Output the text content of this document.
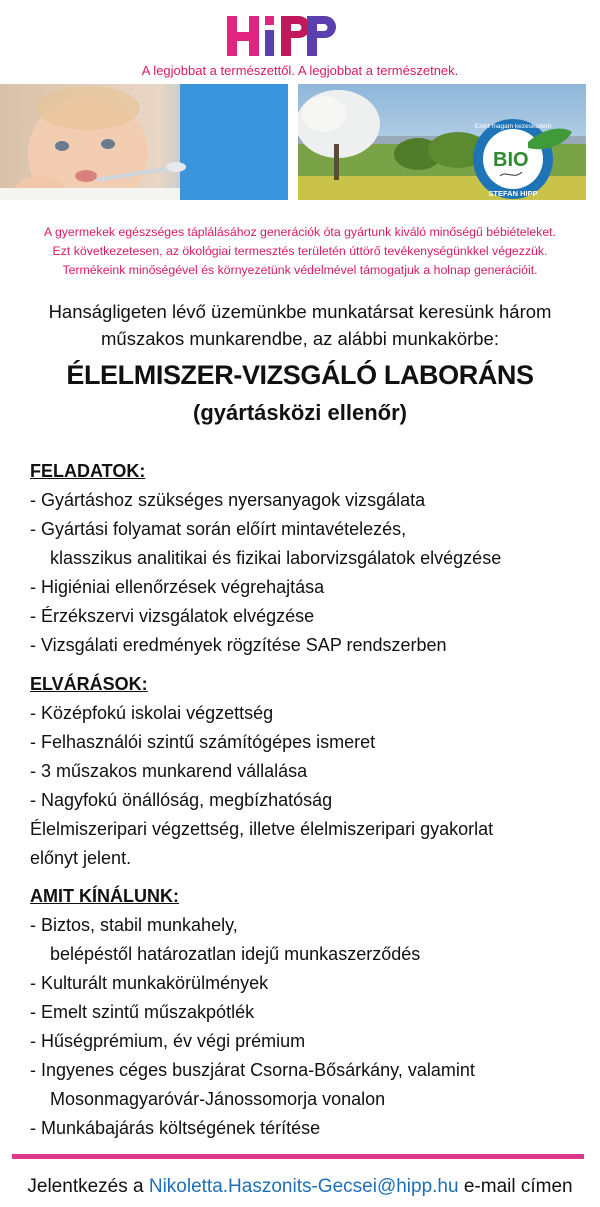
A legjobbat a természettől. A legjobbat a természetnek.
BIO
Ezért magam kezeskedem
STEFAN HIPP
A gyermekek egészséges táplálásához generációk óta gyártunk kiváló minőségű bébiételeket.
Ezt következetesen, az ökológiai termesztés területén úttörő tevékenységünkkel végezzük.
Termékeink minőségével és környezetünk védelmével támogatjuk a holnap generációit.
Hanságligeten lévő üzemünkbe munkatársat keresünk három
műszakos munkarendbe, az alábbi munkakörbe:
ÉLELMISZER-VIZSGÁLÓ LABORÁNS
(gyártásközi ellenőr)
FELADATOK:
- Gyártáshoz szükséges nyersanyagok vizsgálata
- Gyártási folyamat során előírt mintavételezés,
klasszikus analitikai és fizikai laborvizsgálatok elvégzése
- Higiéniai ellenőrzések végrehajtása
- Érzékszervi vizsgálatok elvégzése
- Vizsgálati eredmények rögzítése SAP rendszerben
ELVÁRÁSOK:
- Középfokú iskolai végzettség
- Felhasználói szintű számítógépes ismeret
- 3 műszakos munkarend vállalása
- Nagyfokú önállóság, megbízhatóság
Élelmiszeripari végzettség, illetve élelmiszeripari gyakorlat
előnyt jelent.
AMIT KÍNÁLUNK:
- Biztos, stabil munkahely,
belépéstől határozatlan idejű munkaszerződés
- Kulturált munkakörülmények
- Emelt szintű műszakpótlék
- Hűségprémium, év végi prémium
- Ingyenes céges buszjárat Csorna-Bősárkány, valamint
Mosonmagyaróvár-Jánossomorja vonalon
- Munkábajárás költségének térítése
Jelentkezés a Nikoletta.Haszonits-Gecsei@hipp.hu e-mail címen
